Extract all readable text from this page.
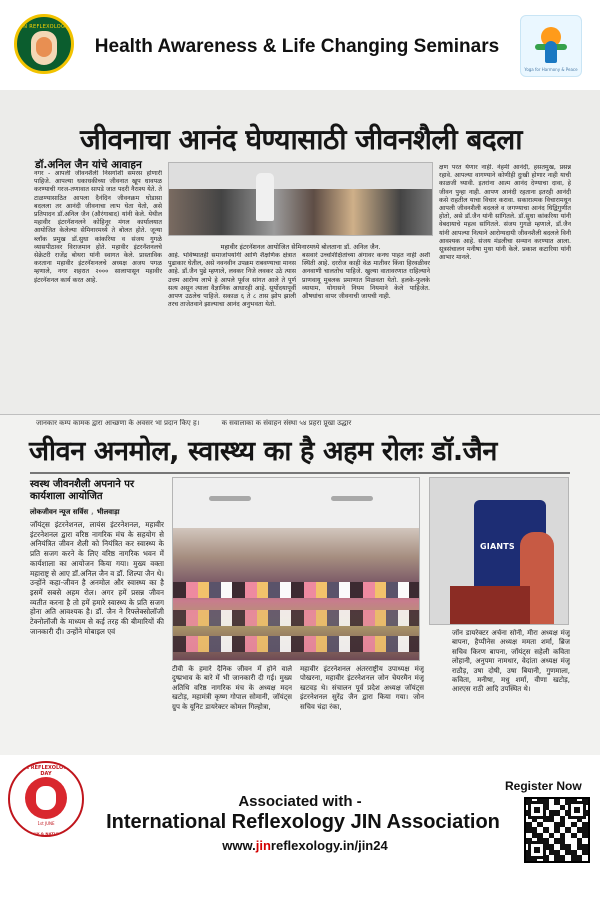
JIN REFLEXOLOGY
Health Awareness & Life Changing Seminars
Yoga for Harmony & Peace
जीवनाचा आनंद घेण्यासाठी जीवनशैली बदला
डॉ.अनिल जैन यांचे आवाहन
महावीर इंटरनॅशनल आयोजित सेमिनारमध्ये बोलताना डॉ. अनिल जैन.
नगर - आपली जीवनशैली निसर्गाशी समरस होणारी पाहिजे. आपल्या धकाधकीच्या जीवनात खूप धावपळ करण्याची गरज-तणावात सापडे जात पदरी नैराश्य येते. ते टाळण्यासाठित आपला दैनंदिन जीवनक्रम घोडासा बदलला तर आनंदी जीवनाचा लाभ घेता येतो, असे प्रतिपादन डॉ.अनिल जैन (औरंगाबाद) यांनी केले. येथील महावीर इंटरनॅशनलने कोहिनूर मंगल कार्यालयात आयोजित केलेल्या सेमिनारमध्ये ते बोलत होते. जून्या ब्लॉक प्रमुख डॉ.सुधा कांकरिया व संजय गुगळे व्यासपीठावर विराजमान होते. महावीर इंटरनॅशनलचे सेक्रेटरी राजेंद्र बोथरा यांनी स्वागत केले. प्रास्ताविक करताना महावीर इंटरनॅशनलचे अध्यक्ष अजय पगळ म्हणाले, नगर शहरात २००० सालापासून महावीर इंटरनॅशनल कार्य करत आहे.
आहे. भविष्यातही समाजोपयोगी आणि शैक्षणिक क्षेत्रात पुढाकार घेतील, असे नवनवीन उपक्रम राबवण्याचा मानस आहे. डॉ.जैन पुढे म्हणाले, लवकर निजे लवकर उठे त्यास उत्तम आरोग्य लाभे हे आपले पूर्वज सांगत आले ते पूर्ण सत्य असून त्याला वैज्ञानिक आधारही आहे. सूर्योदयापूर्वी आपण उठलेच पाहिजे. सकाळ ६ ते ८ तास झोप झाली तरच ताजेतवाने झाल्याचा आनंद अनुभवता येतो.
बसवारे उच्चशिक्षितांच्या अंगावर कनघ पाहत नाही अशी स्थिती आहे. दररोज काही वेळ मातीवर किंवा हिरवळीवर अनवाणी चालतोच पाहिजे. खुल्या वातावरणात राहिल्याने प्राणवायू मुबलक प्रमाणात मिळवता येतो. हलके-फुलके व्यायाम, योगासने नियम नियमाने केले पाहिजेत. औषधांचा वापर जीवनाची जायची नाही.
क्षण परत येणार नाही. नेहमी आनंदी, हसतमुख, प्रसन्न रहावे. आपल्या वागण्याने कोणीही दुःखी होणार नाही याची काळजी घ्यावी. इतरांना आत्म आनंद देण्याचा दावा, हे जीवन पुन्हा नाही. आपण आनंदी रहताना इतरही आनंदी कसे राहतील याचा विचार करावा. सकारात्मक विचारामधून आपली जीवनशैली बदलले व जगण्याचा आनंद घिद्विगुणीत होतो, असे डॉ.जैन यांनी सांगितले. डॉ.सुधा कांकरिया यांनी वेबदायाचे महत्व सांगितले. संजय गुगळे म्हणाले, डॉ.जैन यांनी आपल्या नित्याने आरोग्यदायी जीवनशैली बदलले विनी आवश्यक आहे. संजय मंडलीचा सन्मान करण्यात आला. सूत्रसंचालन मनीषा मुथा यांनी केले. प्रकाश कटारिया यांनी आभार मानले.
जानकार कम्प कामक द्वारा आच्छणा के अवसर भा प्रदान किए ह।	क सवालाका क संवाहन संस्था ५४ प्रहरा प्रूखा उद्धार
जीवन अनमोल, स्वास्थ्य का है अहम रोलः डॉ.जैन
स्वस्थ जीवनशैली अपनाने पर कार्यशाला आयोजित
लोकजीवन न्यूज सर्विस , भीलवाड़ा
जॉयंट्स इंटरनेशनल, लायंस इंटरनेशनल, महावीर इंटरनेशनल द्वारा वरिष्ठ नागरिक मंच के सहयोग से अनियंत्रित जीवन शैली को नियंत्रित कर स्वास्थ्य के प्रति सजग करने के लिए वरिष्ठ नागरिक भवन में कार्यशाला का आयोजन किया गया। मुख्य वक्ता महाराष्ट्र से आए डॉ.अनिल जैन व डॉ. शिल्पा जैन थे। उन्होंने कहा-जीवन है अनमोल और स्वास्थ्य का है इसमें सबसे अहम रोल। अगर हमें प्रसन्न जीवन व्यतीत करना है तो हमें हमारे स्वास्थ्य के प्रति सजग होना अति आवश्यक है। डॉ. जैन ने रिफ्लेक्सोलॉजी टेक्नोलॉजी के माध्यम से कई तरह की बीमारियों की जानकारी दी। उन्होंने मोबाइल एवं
GIANTS
टीवी के हमारे दैनिक जीवन में होने वाले दुष्प्रभाव के बारे में भी जानकारी दी गई। मुख्य अतिथि वरिष्ठ नागरिक मंच के अध्यक्ष मदन खटोड़, महामंत्री कृष्ण गोपाल सोमानी, जॉयंट्स ग्रुप के यूनिट डायरेक्टर कोमल गिल्होत्रा,
महावीर इंटरनेशनल अंतरराष्ट्रीय उपाध्यक्ष मंजू पोखरना, महावीर इंटरनेशनल जोन चेयरमैन मंजू खटवड़ थे। संचालन पूर्व प्रदेश अध्यक्ष जॉयंट्स इंटरनेशनल सुरेंद्र जैन द्वारा किया गया। जोन सचिव चंद्रा रंका,
जॉन डायरेक्टर अर्चना सोनी, मीरा अध्यक्ष मंजू बापना, हैप्पीनेस अध्यक्ष ममता शर्मा, ब्रिज सचिव किरण बापना, जॉयंट्स सहेली कविता लोहानी, अनुपमा नामधार, वेदांता अध्यक्ष मंजू राठौड़, उषा दोषी, उषा बियानी, गुणमाला, कविता, मनीषा, मधु शर्मा, वीणा खटोड़, आरएस राठी आदि उपस्थित थे।
JIN REFLEXOLOGY DAY
1st JUNE
HEALTHY & NATURAL LIFE
Associated with -
International Reflexology JIN Association
www.jinreflexology.in/jin24
Register Now
